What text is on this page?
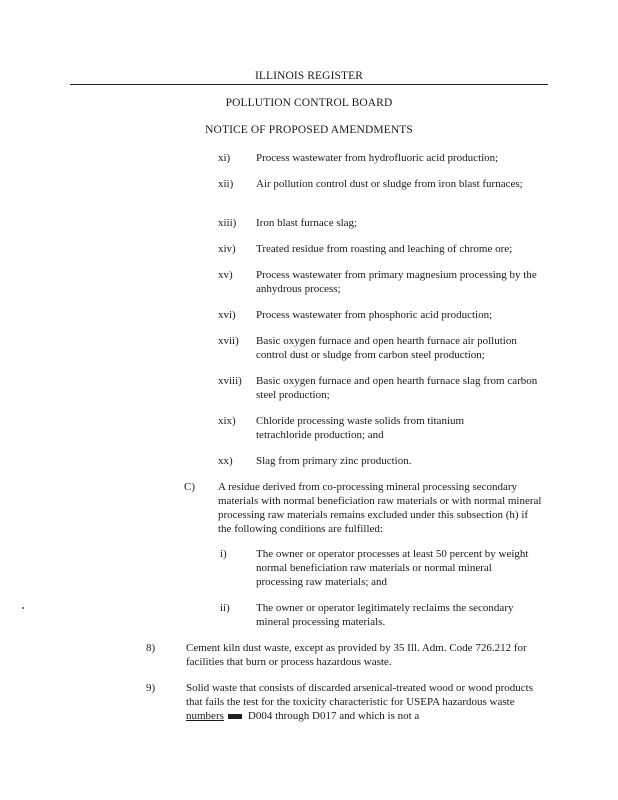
ILLINOIS REGISTER
POLLUTION CONTROL BOARD
NOTICE OF PROPOSED AMENDMENTS
xi) Process wastewater from hydrofluoric acid production;
xii) Air pollution control dust or sludge from iron blast furnaces;
xiii) Iron blast furnace slag;
xiv) Treated residue from roasting and leaching of chrome ore;
xv) Process wastewater from primary magnesium processing by the anhydrous process;
xvi) Process wastewater from phosphoric acid production;
xvii) Basic oxygen furnace and open hearth furnace air pollution control dust or sludge from carbon steel production;
xviii) Basic oxygen furnace and open hearth furnace slag from carbon steel production;
xix) Chloride processing waste solids from titanium tetrachloride production; and
xx) Slag from primary zinc production.
C) A residue derived from co-processing mineral processing secondary materials with normal beneficiation raw materials or with normal mineral processing raw materials remains excluded under this subsection (h) if the following conditions are fulfilled:
i)	The owner or operator processes at least 50 percent by weight normal beneficiation raw materials or normal mineral processing raw materials; and
ii) The owner or operator legitimately reclaims the secondary mineral processing materials.
8)	Cement kiln dust waste, except as provided by 35 Ill. Adm. Code 726.212 for facilities that burn or process hazardous waste.
9)	Solid waste that consists of discarded arsenical-treated wood or wood products that fails the test for the toxicity characteristic for USEPA hazardous waste numbers D004 through D017 and which is not a
